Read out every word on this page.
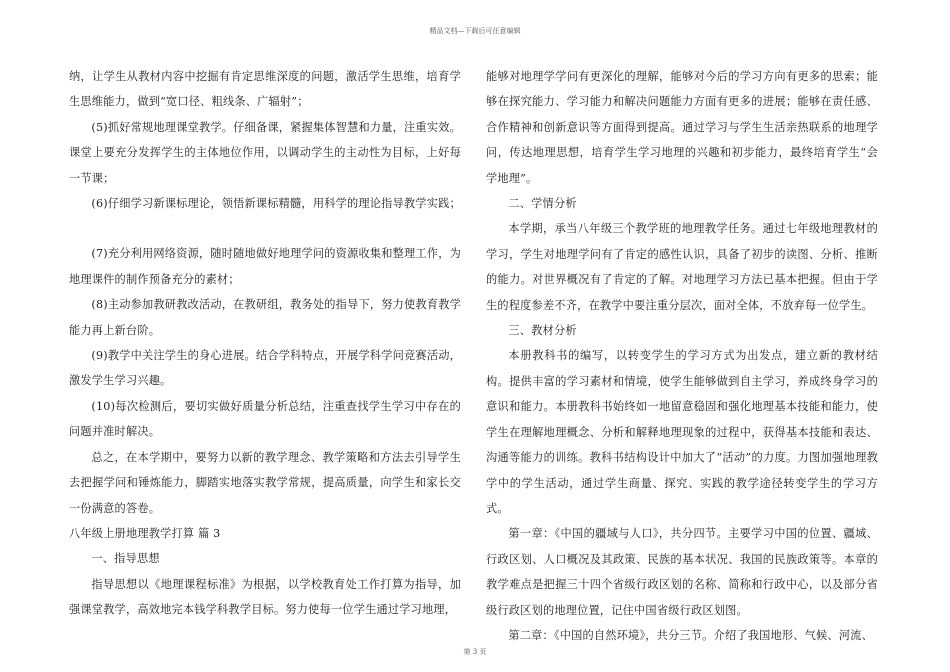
精品文档—下载后可任意编辑

纳，让学生从教材内容中挖掘有肯定思维深度的问题，激活学生思维，培育学生思维能力，做到“宽口径、粗线条、广辐射”；

(5)抓好常规地理课堂教学。仔细备课，紧握集体智慧和力量，注重实效。课堂上要充分发挥学生的主体地位作用，以调动学生的主动性为目标，上好每一节课；

(6)仔细学习新课标理论，领悟新课标精髓，用科学的理论指导教学实践；

(7)充分利用网络资源，随时随地做好地理学问的资源收集和整理工作，为地理课件的制作预备充分的素材；

(8)主动参加教研教改活动，在教研组，教务处的指导下，努力使教育教学能力再上新台阶。

(9)教学中关注学生的身心进展。结合学科特点，开展学科学问竞赛活动，激发学生学习兴趣。

(10)每次检测后，要切实做好质量分析总结，注重查找学生学习中存在的问题并准时解决。

总之，在本学期中，要努力以新的教学理念、教学策略和方法去引导学生去把握学问和锤炼能力，脚踏实地落实教学常规，提高质量，向学生和家长交一份满意的答卷。

八年级上册地理教学打算 篇 3

一、指导思想

指导思想以《地理课程标准》为根据，以学校教育处工作打算为指导，加强课堂教学，高效地完本钱学科教学目标。努力使每一位学生通过学习地理，

能够对地理学学问有更深化的理解，能够对今后的学习方向有更多的思索；能够在探究能力、学习能力和解决问题能力方面有更多的进展；能够在责任感、合作精神和创新意识等方面得到提高。通过学习与学生生活亲热联系的地理学问，传达地理思想，培育学生学习地理的兴趣和初步能力，最终培育学生“会学地理”。

二、学情分析

本学期，承当八年级三个教学班的地理教学任务。通过七年级地理教材的学习，学生对地理学问有了肯定的感性认识，具备了初步的读图、分析、推断的能力。对世界概况有了肯定的了解。对地理学习方法已基本把握。但由于学生的程度参差不齐，在教学中要注重分层次，面对全体，不放弃每一位学生。

三、教材分析

本册教科书的编写，以转变学生的学习方式为出发点，建立新的教材结构。提供丰富的学习素材和情境，使学生能够做到自主学习，养成终身学习的意识和能力。本册教科书始终如一地留意稳固和强化地理基本技能和能力，使学生在理解地理概念、分析和解释地理现象的过程中，获得基本技能和表达、沟通等能力的训练。教科书结构设计中加大了“活动”的力度。力图加强地理教学中的学生活动，通过学生商量、探究、实践的教学途径转变学生的学习方式。

第一章：《中国的疆域与人口》，共分四节。主要学习中国的位置、疆域、行政区划、人口概况及其政策、民族的基本状况、我国的民族政策等。本章的教学难点是把握三十四个省级行政区划的名称、简称和行政中心，以及部分省级行政区划的地理位置，记住中国省级行政区划图。

第二章：《中国的自然环境》，共分三节。介绍了我国地形、气候、河流、

第 3 页
